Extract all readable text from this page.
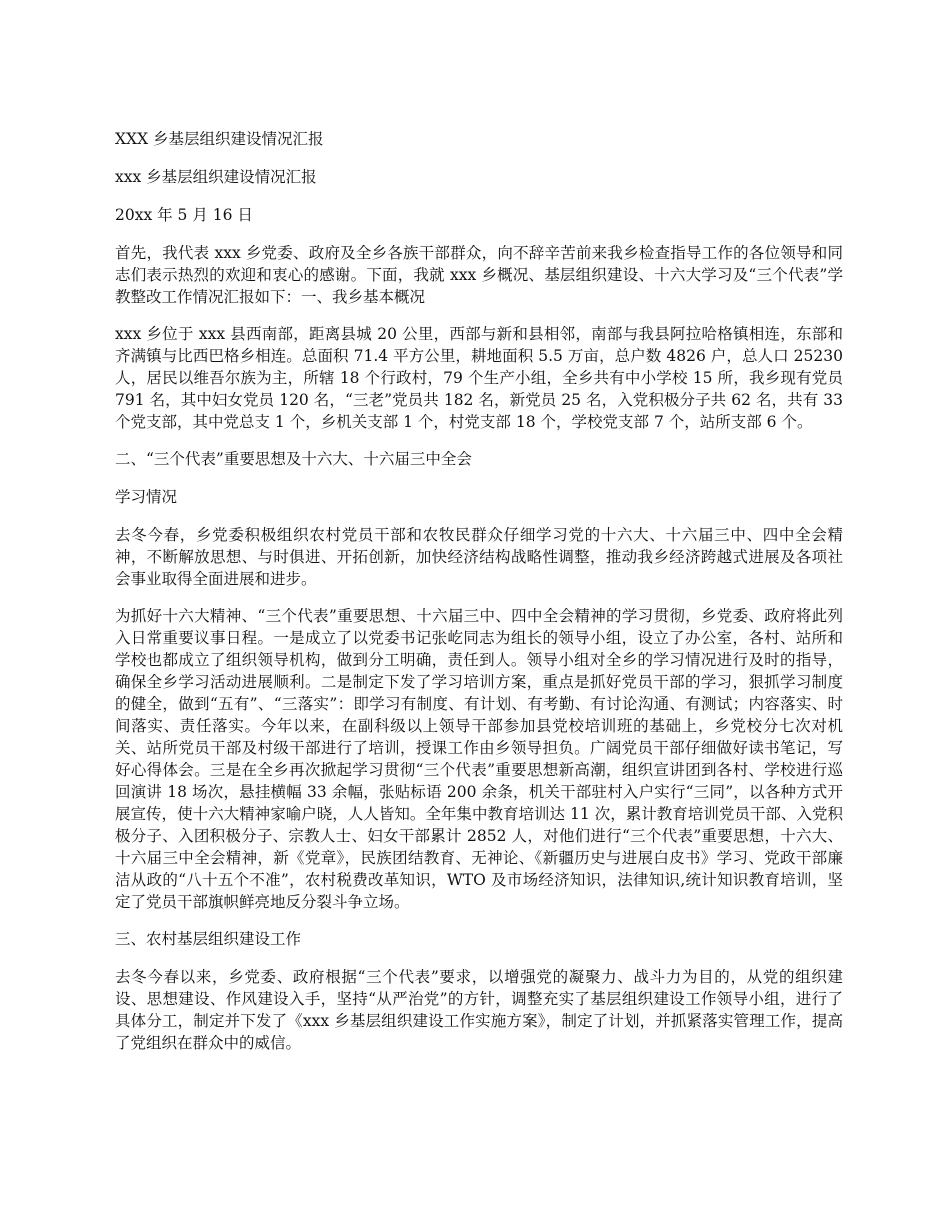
XXX 乡基层组织建设情况汇报

xxx 乡基层组织建设情况汇报

20xx 年 5 月 16 日

首先，我代表 xxx 乡党委、政府及全乡各族干部群众，向不辞辛苦前来我乡检查指导工作的各位领导和同志们表示热烈的欢迎和衷心的感谢。下面，我就 xxx 乡概况、基层组织建设、十六大学习及“三个代表”学教整改工作情况汇报如下：一、我乡基本概况

xxx 乡位于 xxx 县西南部，距离县城 20 公里，西部与新和县相邻，南部与我县阿拉哈格镇相连，东部和齐满镇与比西巴格乡相连。总面积 71.4 平方公里，耕地面积 5.5 万亩，总户数 4826 户，总人口 25230 人，居民以维吾尔族为主，所辖 18 个行政村，79 个生产小组，全乡共有中小学校 15 所，我乡现有党员 791 名，其中妇女党员 120 名，“三老”党员共 182 名，新党员 25 名，入党积极分子共 62 名，共有 33 个党支部，其中党总支 1 个，乡机关支部 1 个，村党支部 18 个，学校党支部 7 个，站所支部 6 个。

二、“三个代表”重要思想及十六大、十六届三中全会

学习情况

去冬今春，乡党委积极组织农村党员干部和农牧民群众仔细学习党的十六大、十六届三中、四中全会精神，不断解放思想、与时俱进、开拓创新，加快经济结构战略性调整，推动我乡经济跨越式进展及各项社会事业取得全面进展和进步。

为抓好十六大精神、“三个代表”重要思想、十六届三中、四中全会精神的学习贯彻，乡党委、政府将此列入日常重要议事日程。一是成立了以党委书记张屹同志为组长的领导小组，设立了办公室，各村、站所和学校也都成立了组织领导机构，做到分工明确，责任到人。领导小组对全乡的学习情况进行及时的指导，确保全乡学习活动进展顺利。二是制定下发了学习培训方案，重点是抓好党员干部的学习，狠抓学习制度的健全，做到“五有”、“三落实”：即学习有制度、有计划、有考勤、有讨论沟通、有测试；内容落实、时间落实、责任落实。今年以来，在副科级以上领导干部参加县党校培训班的基础上，乡党校分七次对机关、站所党员干部及村级干部进行了培训，授课工作由乡领导担负。广阔党员干部仔细做好读书笔记，写好心得体会。三是在全乡再次掀起学习贯彻“三个代表”重要思想新高潮，组织宣讲团到各村、学校进行巡回演讲 18 场次，悬挂横幅 33 余幅，张贴标语 200 余条，机关干部驻村入户实行“三同”，以各种方式开展宣传，使十六大精神家喻户晓，人人皆知。全年集中教育培训达 11 次，累计教育培训党员干部、入党积极分子、入团积极分子、宗教人士、妇女干部累计 2852 人，对他们进行“三个代表”重要思想，十六大、十六届三中全会精神，新《党章》，民族团结教育、无神论、《新疆历史与进展白皮书》学习、党政干部廉洁从政的“八十五个不准”，农村税费改革知识，WTO 及市场经济知识，法律知识,统计知识教育培训，坚定了党员干部旗帜鲜亮地反分裂斗争立场。

三、农村基层组织建设工作

去冬今春以来，乡党委、政府根据“三个代表”要求，以增强党的凝聚力、战斗力为目的，从党的组织建设、思想建设、作风建设入手，坚持“从严治党”的方针，调整充实了基层组织建设工作领导小组，进行了具体分工，制定并下发了《xxx 乡基层组织建设工作实施方案》，制定了计划，并抓紧落实管理工作，提高了党组织在群众中的威信。
